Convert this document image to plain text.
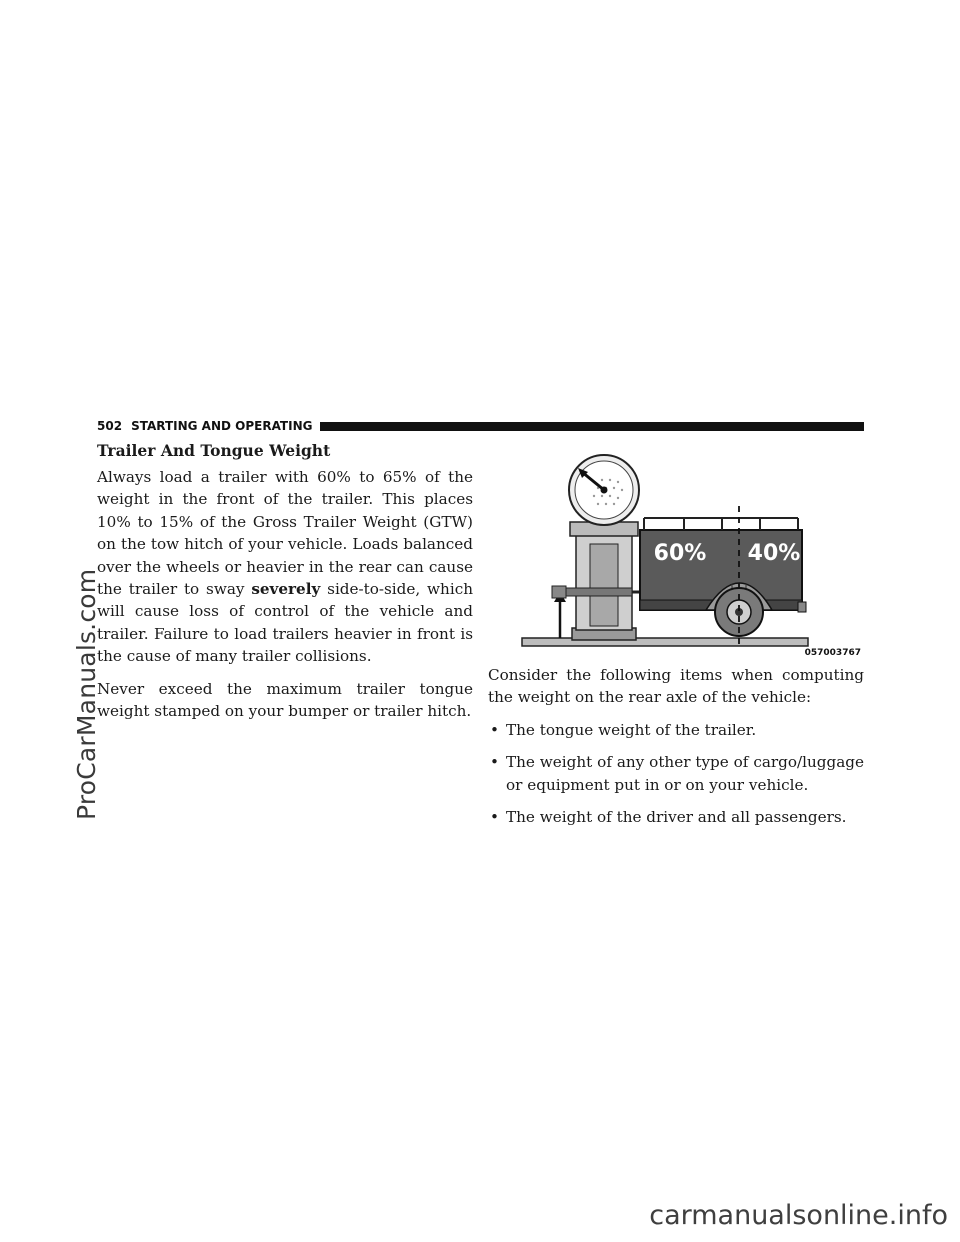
ProCarManuals.com
502 STARTING AND OPERATING
Trailer And Tongue Weight

Always load a trailer with 60% to 65% of the weight in the front of the trailer. This places 10% to 15% of the Gross Trailer Weight (GTW) on the tow hitch of your vehicle. Loads balanced over the wheels or heavier in the rear can cause the trailer to sway severely side-to-side, which will cause loss of control of the vehicle and trailer. Failure to load trailers heavier in front is the cause of many trailer collisions.

Never exceed the maximum trailer tongue weight stamped on your bumper or trailer hitch.

60% 40%
057003767

Consider the following items when computing the weight on the rear axle of the vehicle:

• The tongue weight of the trailer.
• The weight of any other type of cargo/luggage or equipment put in or on your vehicle.
• The weight of the driver and all passengers.
carmanualsonline.info
